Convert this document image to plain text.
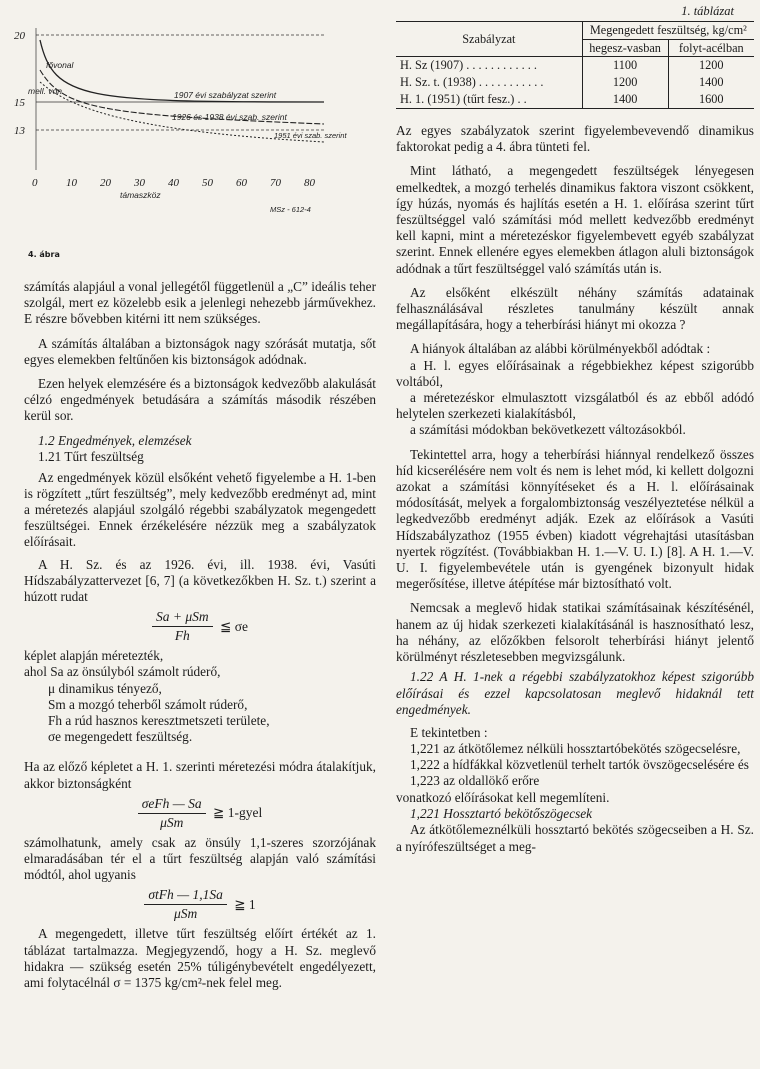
20
15
13
fővonal
mell. von.	1907 évi szabályzat szerint
1926 és 1938 évi szab. szerint
1951 évi szab. szerint
támaszköz
MSz - 612-4
0	10 20 30 40 50 60 70 80
4. ábra

számítás alapjául a vonal jellegétől függetlenül a „C” ideális teher szolgál, mert ez közelebb esik a jelenlegi nehezebb járművekhez. E részre bővebben kitérni itt nem szükséges.

A számítás általában a biztonságok nagy szórását mutatja, sőt egyes elemekben feltűnően kis biztonságok adódnak.

Ezen helyek elemzésére és a biztonságok kedvezőbb alakulását célzó engedmények betudására a számítás második részében kerül sor.

1.2 Engedmények, elemzések

1.21 Tűrt feszültség

Az engedmények közül elsőként vehető figyelembe a H. 1-ben is rögzített „tűrt feszültség”, mely kedvezőbb eredményt ad, mint a méretezés alapjául szolgáló régebbi szabályzatok megengedett feszültségei. Ennek érzékelésére nézzük meg a szabályzatok előírásait.

A H. Sz. és az 1926. évi, ill. 1938. évi, Vasúti Hídszabályzattervezet [6, 7] (a következőkben H. Sz. t.) szerint a húzott rudat

$\frac{\text{Sa + μSm}}{Fh}$ ≦ σe
képlet alapján méretezték,
ahol Sa az önsúlyból számolt rúderő,
μ dinamikus tényező,
Sm a mozgó teherből számolt rúderő,
Fh a rúd hasznos keresztmetszeti területe,
σe megengedett feszültség.

Ha az előző képletet a H. 1. szerinti méretezési módra átalakítjuk, akkor biztonságként

$\frac{\text{σeFh — Sa}}{\text{μSm}}$ ≧ 1-gyel

számolhatunk, amely csak az önsúly 1,1-szeres szorzójának elmaradásában tér el a tűrt feszültség alapján való számítási módtól, ahol ugyanis

$\frac{\text{σtFh — 1,1Sa}}{\text{μSm}}$ ≧ 1

A megengedett, illetve tűrt feszültség előírt értékét az 1. táblázat tartalmazza. Megjegyzendő, hogy a H. Sz. meglevő hidakra — szükség esetén 25% túligénybevételt engedélyezett, ami folytacélnál σ = 1375 kg/cm²-nek felel meg.

1. táblázat
Szabályzat	Megengedett feszültség, kg/cm²	
	hegesz-vasban	folyt-acélban
H. Sz (1907) . . . . . . . . . . . .	1100	1200
H. Sz. t. (1938) . . . . . . . . . . .	1200	1400
H. 1. (1951) (tűrt fesz.) . .	1400	1600

Az egyes szabályzatok szerint figyelembevevendő dinamikus faktorokat pedig a 4. ábra tünteti fel.

Mint látható, a megengedett feszültségek lényegesen emelkedtek, a mozgó terhelés dinamikus faktora viszont csökkent, így húzás, nyomás és hajlítás esetén a H. 1. előírása szerint tűrt feszültséggel való számítási mód mellett kedvezőbb eredményt kell kapni, mint a méretezéskor figyelembevett egyéb szabályzat szerint. Ennek ellenére egyes elemekben átlagon aluli biztonságok adódnak a tűrt feszültséggel való számítás után is.

Az elsőként elkészült néhány számítás adatainak felhasználásával részletes tanulmány készült annak megállapítására, hogy a teherbírási hiányt mi okozza ?

A hiányok általában az alábbi körülményekből adódtak :

a H. l. egyes előírásainak a régebbiekhez képest szigorúbb voltából,

a méretezéskor elmulasztott vizsgálatból és az ebből adódó helytelen szerkezeti kialakításból,

a számítási módokban bekövetkezett változásokból.

Tekintettel arra, hogy a teherbírási hiánnyal rendelkező összes híd kicserélésére nem volt és nem is lehet mód, ki kellett dolgozni azokat a számítási könnyítéseket és a H. l. előírásainak módosítását, melyek a forgalombiztonság veszélyeztetése nélkül a legkedvezőbb eredményt adják. Ezek az előírások a Vasúti Hídszabályzathoz (1955 évben) kiadott végrehajtási utasításban nyertek rögzítést. (Továbbiakban H. 1.—V. U. I.) [8]. A H. 1.—V. U. I. figyelembevétele után is gyengének bizonyult hidak megerősítése, illetve átépítése már biztosítható volt.

Nemcsak a meglevő hidak statikai számításainak készítésénél, hanem az új hidak szerkezeti kialakításánál is hasznosítható lesz, ha néhány, az előzőkben felsorolt teherbírási hiányt jelentő körülményt részletesebben megvizsgálunk.

1.22 A H. 1-nek a régebbi szabályzatokhoz képest szigorúbb előírásai és ezzel kapcsolatosan meglevő hidaknál tett engedmények.

E tekintetben :

1,221 az átkötőlemez nélküli hossztartóbekötés szögecselésre,

1,222 a hídfákkal közvetlenül terhelt tartók övszögecselésére és

1,223 az oldallökő erőre

vonatkozó előírásokat kell megemlíteni.

1,221 Hossztartó bekötőszögecsek

Az átkötőlemeznélküli hossztartó bekötés szögecseiben a H. Sz. a nyírófeszültséget a meg-
